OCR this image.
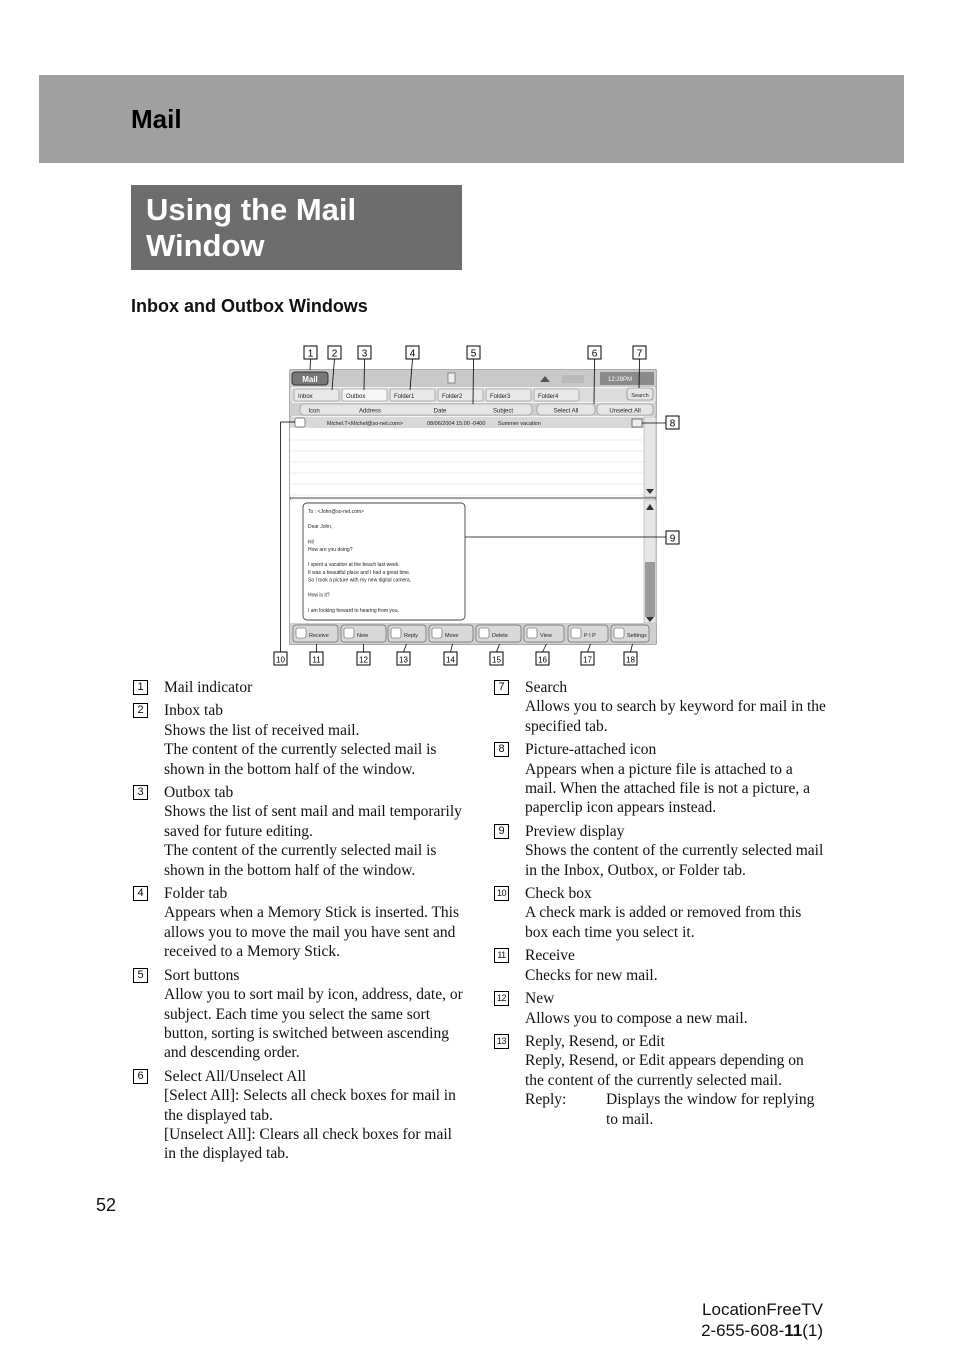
Mail
Using the Mail Window
Inbox and Outbox Windows
Mail	12:29PM
Inbox	Outbox	Folder1	Folder2	Folder3	Folder4	Search
Icon	Address	Date	Subject	Select All	Unselect All
Michel.T<Michel@so-net.com>	08/06/2004 15:00 -0400 Summer vacation
To : <John@so-net.com>
Dear John,
Hi!
How are you doing?
I spent a vacation at the beach last week.
It was a beautiful place and I had a great time.
So I took a picture with my new digital camera.
How is it?
I am looking forward to hearing from you.
Receive	New	Reply	Move	Delete	View	P I P	Settings
1 2 3	4	5	6	7
8
9
10	11	12	13	14	15	16	17	18
1 Mail indicator
2 Inbox tab
Shows the list of received mail.
The content of the currently selected mail is shown in the bottom half of the window.
3 Outbox tab
Shows the list of sent mail and mail temporarily saved for future editing.
The content of the currently selected mail is shown in the bottom half of the window.
4 Folder tab
Appears when a Memory Stick is inserted. This allows you to move the mail you have sent and received to a Memory Stick.
5 Sort buttons
Allow you to sort mail by icon, address, date, or subject. Each time you select the same sort button, sorting is switched between ascending and descending order.
6 Select All/Unselect All
[Select All]: Selects all check boxes for mail in the displayed tab.
[Unselect All]: Clears all check boxes for mail in the displayed tab.
7 Search
Allows you to search by keyword for mail in the specified tab.
8 Picture-attached icon
Appears when a picture file is attached to a mail. When the attached file is not a picture, a paperclip icon appears instead.
9 Preview display
Shows the content of the currently selected mail in the Inbox, Outbox, or Folder tab.
10 Check box
A check mark is added or removed from this box each time you select it.
11 Receive
Checks for new mail.
12 New
Allows you to compose a new mail.
13 Reply, Resend, or Edit
Reply, Resend, or Edit appears depending on the content of the currently selected mail.
Reply:	Displays the window for replying to mail.
52
LocationFreeTV
2-655-608-11(1)
